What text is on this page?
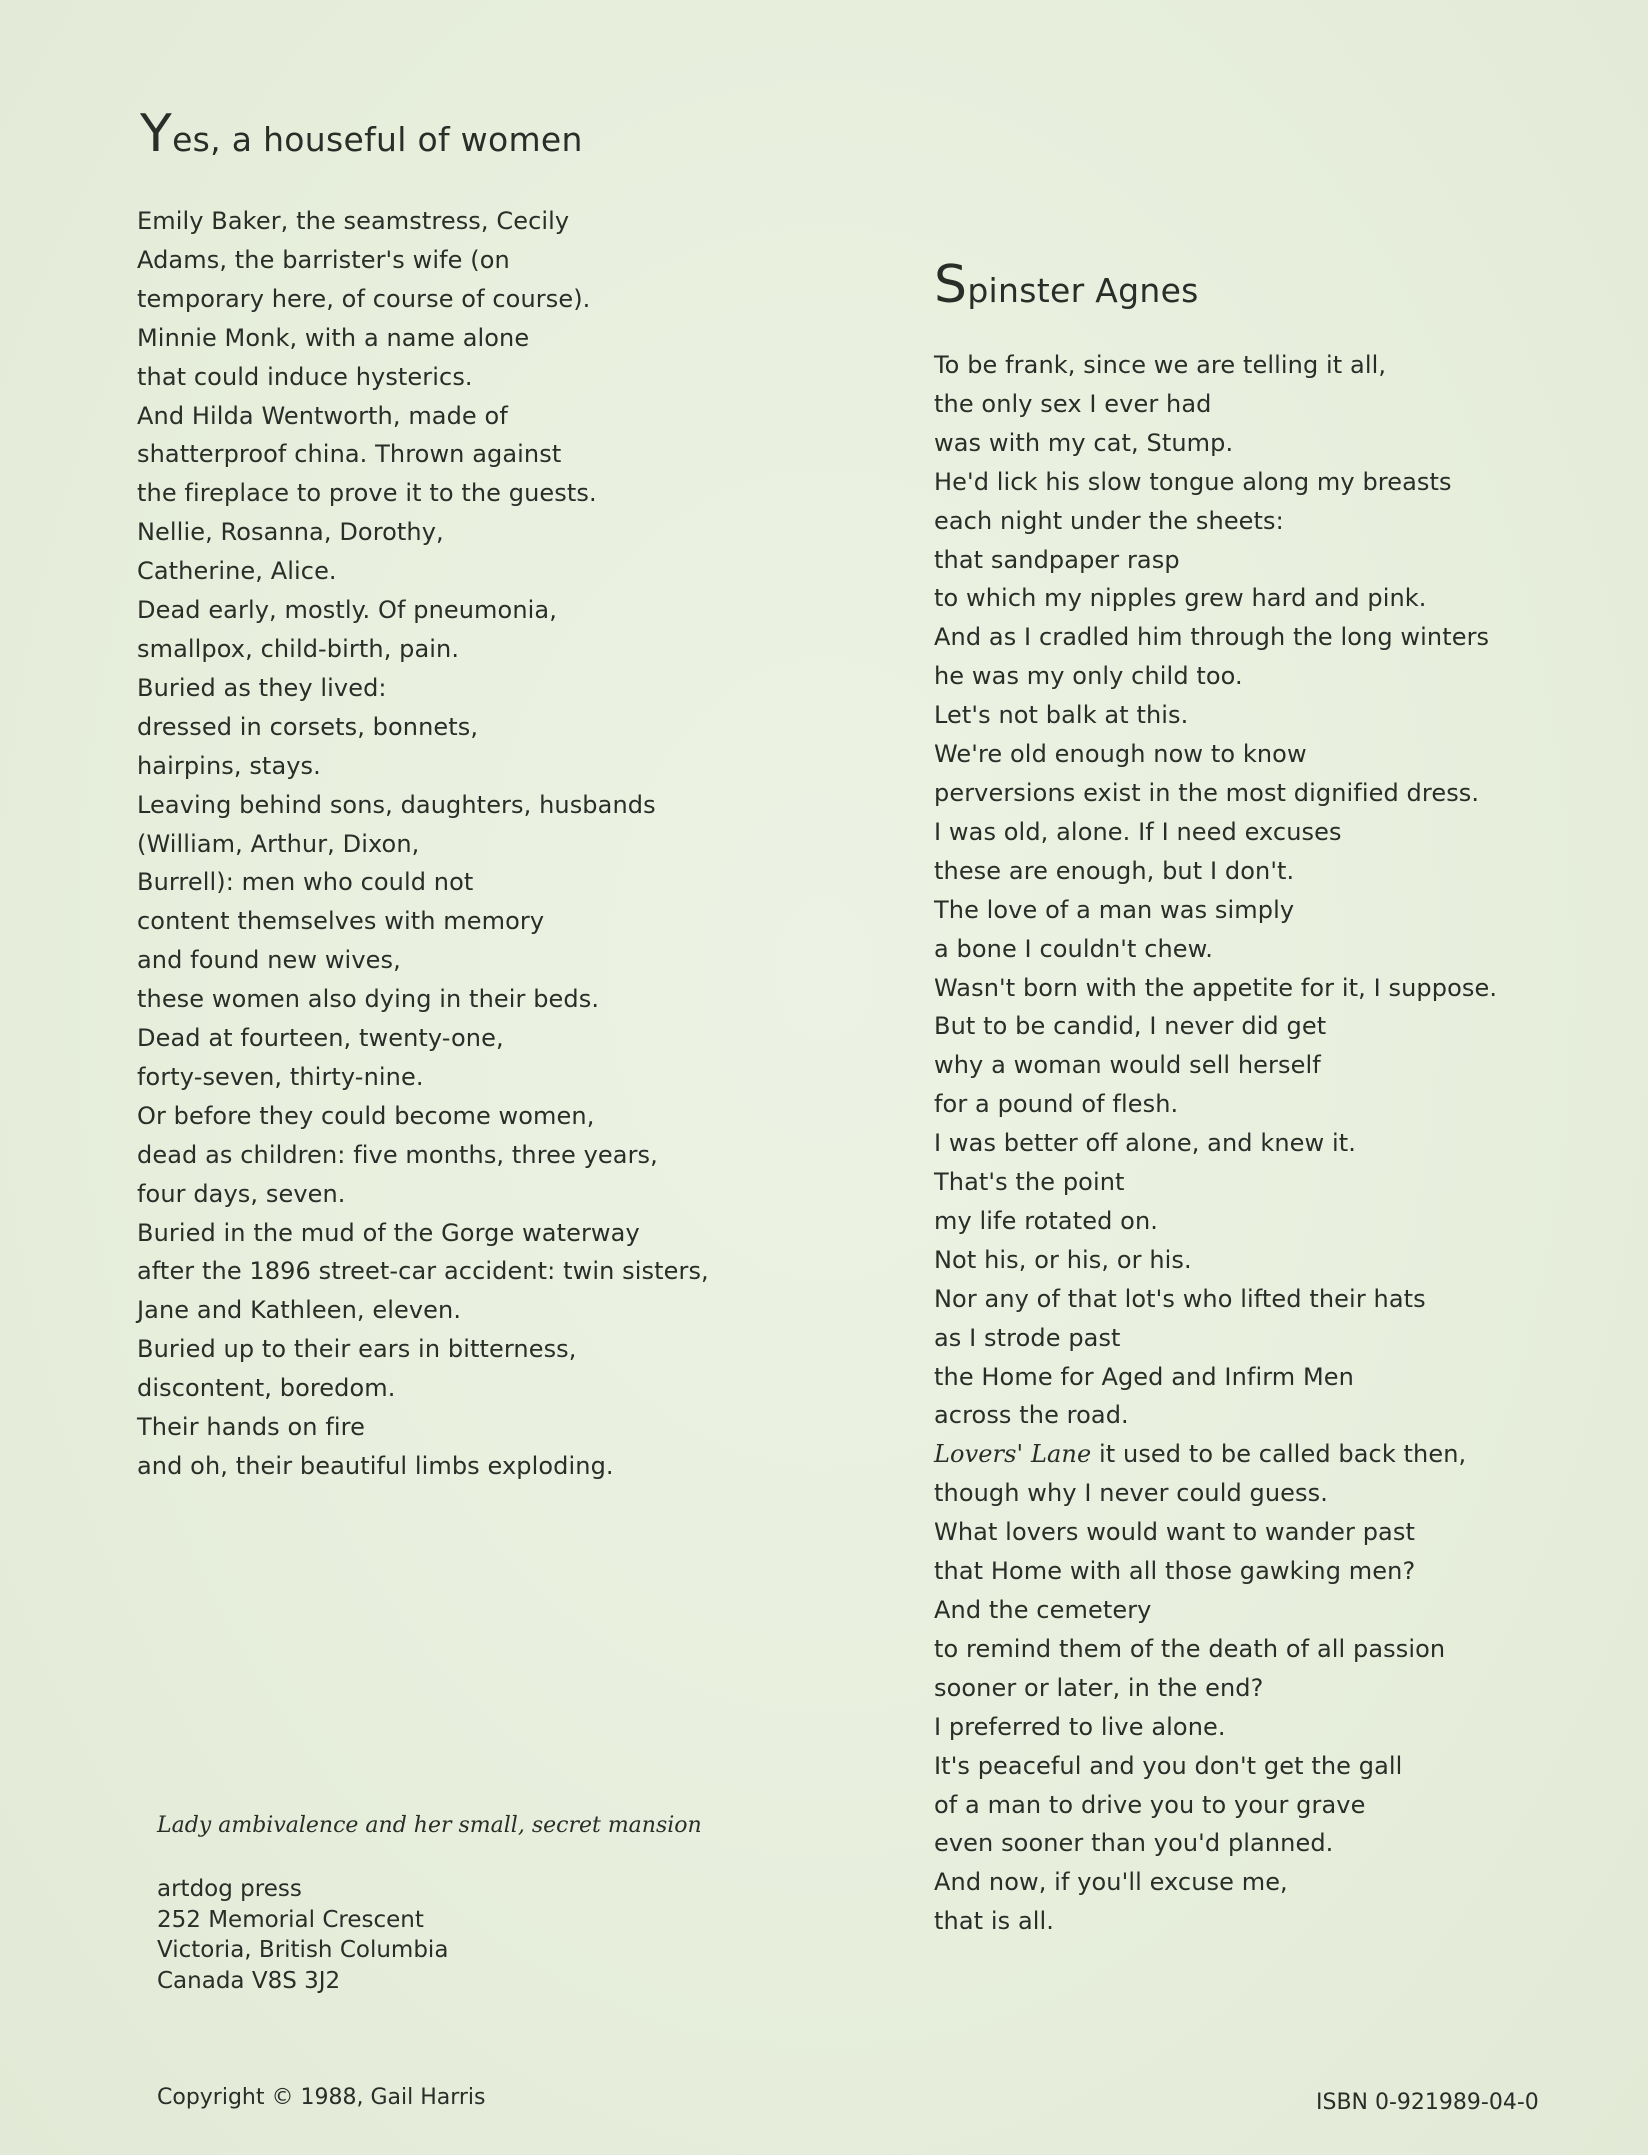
Yes, a houseful of women
Emily Baker, the seamstress, Cecily
Adams, the barrister's wife (on
temporary here, of course of course).
Minnie Monk, with a name alone
that could induce hysterics.
And Hilda Wentworth, made of
shatterproof china. Thrown against
the fireplace to prove it to the guests.
Nellie, Rosanna, Dorothy,
Catherine, Alice.
Dead early, mostly. Of pneumonia,
smallpox, child-birth, pain.
Buried as they lived:
dressed in corsets, bonnets,
hairpins, stays.
Leaving behind sons, daughters, husbands
(William, Arthur, Dixon,
Burrell): men who could not
content themselves with memory
and found new wives,
these women also dying in their beds.
Dead at fourteen, twenty-one,
forty-seven, thirty-nine.
Or before they could become women,
dead as children: five months, three years,
four days, seven.
Buried in the mud of the Gorge waterway
after the 1896 street-car accident: twin sisters,
Jane and Kathleen, eleven.
Buried up to their ears in bitterness,
discontent, boredom.
Their hands on fire
and oh, their beautiful limbs exploding.
Spinster Agnes
To be frank, since we are telling it all,
the only sex I ever had
was with my cat, Stump.
He'd lick his slow tongue along my breasts
each night under the sheets:
that sandpaper rasp
to which my nipples grew hard and pink.
And as I cradled him through the long winters
he was my only child too.
Let's not balk at this.
We're old enough now to know
perversions exist in the most dignified dress.
I was old, alone. If I need excuses
these are enough, but I don't.
The love of a man was simply
a bone I couldn't chew.
Wasn't born with the appetite for it, I suppose.
But to be candid, I never did get
why a woman would sell herself
for a pound of flesh.
I was better off alone, and knew it.
That's the point
my life rotated on.
Not his, or his, or his.
Nor any of that lot's who lifted their hats
as I strode past
the Home for Aged and Infirm Men
across the road.
Lovers' Lane it used to be called back then,
though why I never could guess.
What lovers would want to wander past
that Home with all those gawking men?
And the cemetery
to remind them of the death of all passion
sooner or later, in the end?
I preferred to live alone.
It's peaceful and you don't get the gall
of a man to drive you to your grave
even sooner than you'd planned.
And now, if you'll excuse me,
that is all.
Lady ambivalence and her small, secret mansion
artdog press
252 Memorial Crescent
Victoria, British Columbia
Canada V8S 3J2
Copyright © 1988, Gail Harris	ISBN 0-921989-04-0
